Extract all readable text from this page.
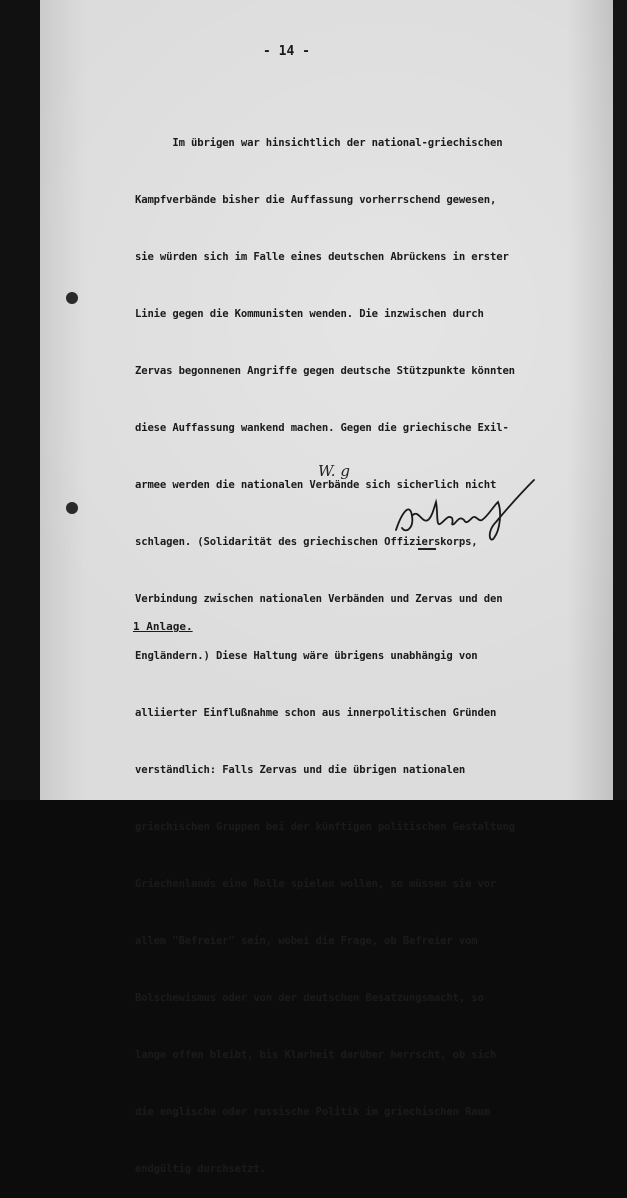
- 14 -

Im übrigen war hinsichtlich der national-griechischen

Kampfverbände bisher die Auffassung vorherrschend gewesen,

sie würden sich im Falle eines deutschen Abrückens in erster

Linie gegen die Kommunisten wenden. Die inzwischen durch

Zervas begonnenen Angriffe gegen deutsche Stützpunkte könnten

diese Auffassung wankend machen. Gegen die griechische Exil-

armee werden die nationalen Verbände sich sicherlich nicht

schlagen. (Solidarität des griechischen Offizierskorps,

Verbindung zwischen nationalen Verbänden und Zervas und den

Engländern.) Diese Haltung wäre übrigens unabhängig von

alliierter Einflußnahme schon aus innerpolitischen Gründen

verständlich: Falls Zervas und die übrigen nationalen

griechischen Gruppen bei der künftigen politischen Gestaltung

Griechenlands eine Rolle spielen wollen, so müssen sie vor

allem "Befreier" sein, wobei die Frage, ob Befreier vom

Bolschewismus oder von der deutschen Besatzungsmacht, so

lange offen bleibt, bis Klarheit darüber herrscht, ob sich

die englische oder russische Politik im griechischen Raum

endgültig durchsetzt.

W. g
1 Anlage.
